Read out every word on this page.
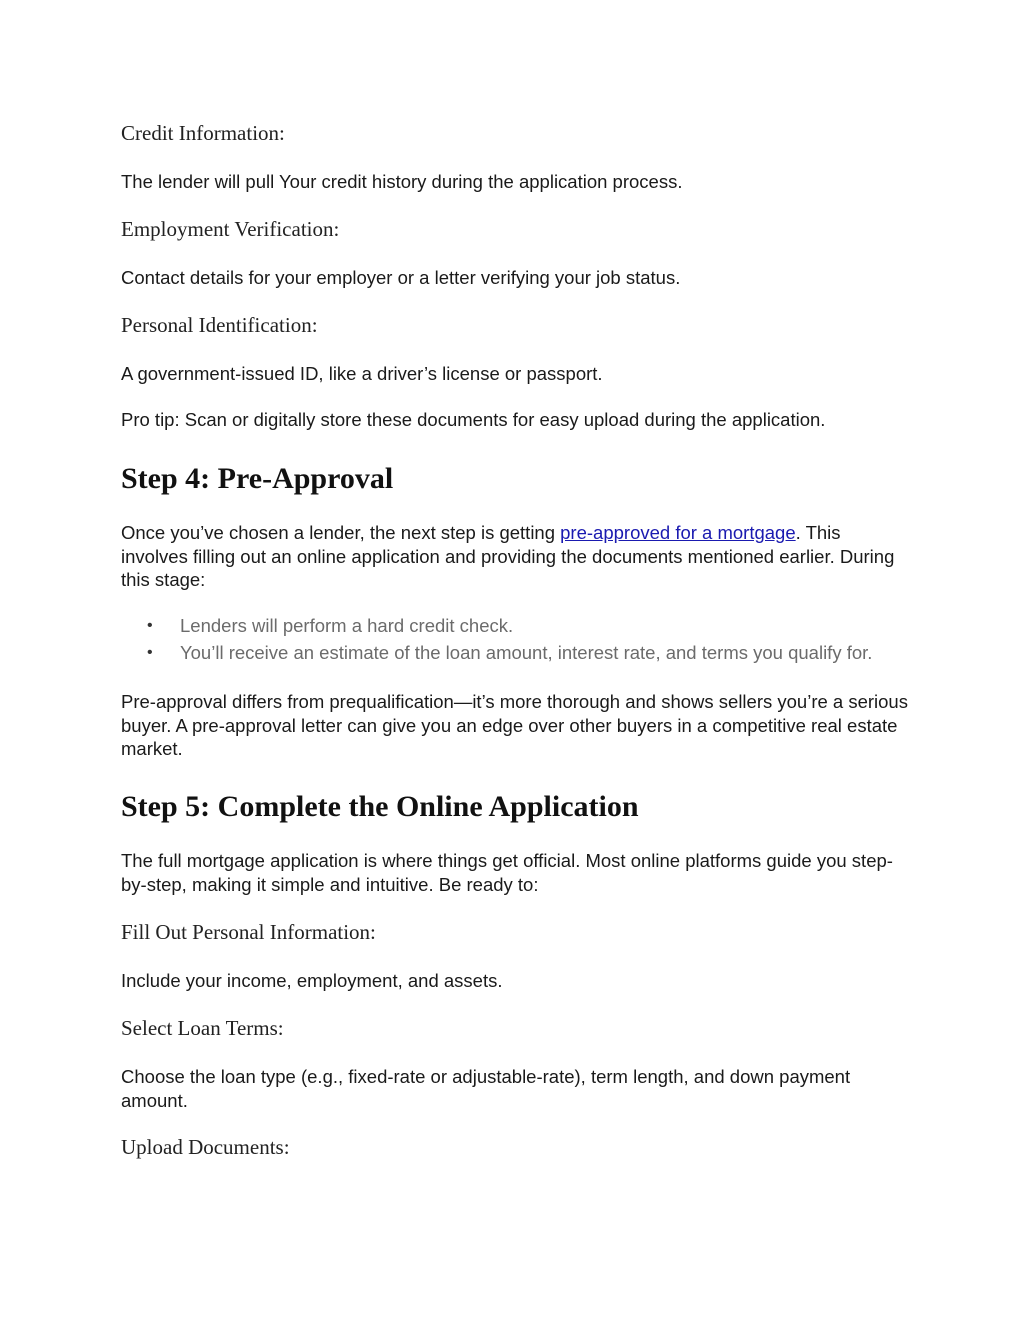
Credit Information:

The lender will pull Your credit history during the application process.

Employment Verification:

Contact details for your employer or a letter verifying your job status.

Personal Identification:

A government-issued ID, like a driver’s license or passport.

Pro tip: Scan or digitally store these documents for easy upload during the application.

Step 4: Pre-Approval

Once you’ve chosen a lender, the next step is getting pre-approved for a mortgage. This involves filling out an online application and providing the documents mentioned earlier. During this stage:

• Lenders will perform a hard credit check.
• You’ll receive an estimate of the loan amount, interest rate, and terms you qualify for.

Pre-approval differs from prequalification—it’s more thorough and shows sellers you’re a serious buyer. A pre-approval letter can give you an edge over other buyers in a competitive real estate market.

Step 5: Complete the Online Application

The full mortgage application is where things get official. Most online platforms guide you step-by-step, making it simple and intuitive. Be ready to:

Fill Out Personal Information:

Include your income, employment, and assets.

Select Loan Terms:

Choose the loan type (e.g., fixed-rate or adjustable-rate), term length, and down payment amount.

Upload Documents:
